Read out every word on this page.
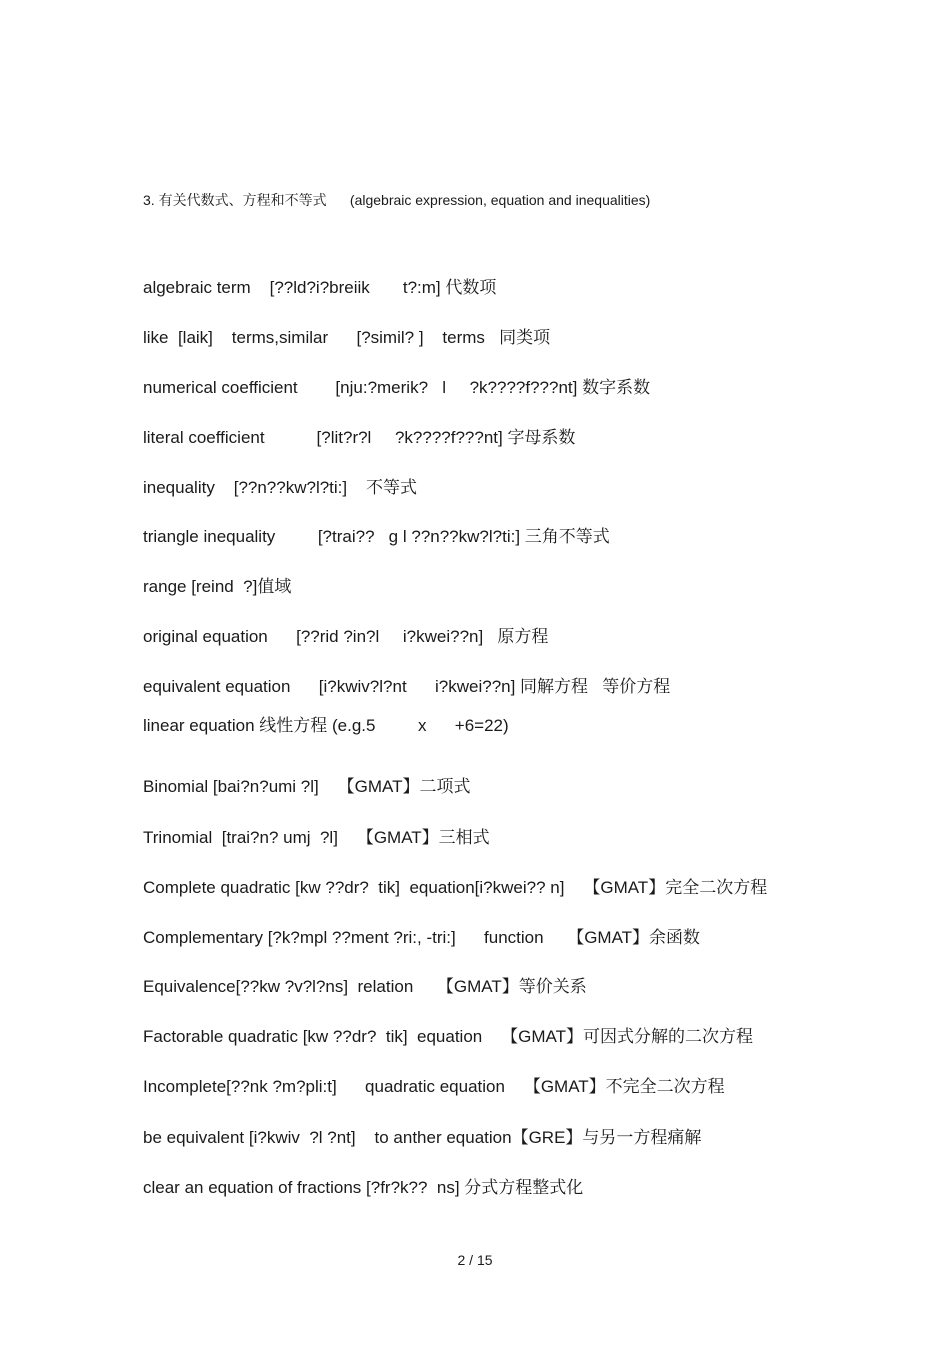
3. 有关代数式、方程和不等式      (algebraic expression, equation and inequalities)
algebraic term    [??ld?i?breiik       t?:m] 代数项
like  [laik]    terms,similar      [?simil? ]    terms   同类项
numerical coefficient        [nju:?merik?   l     ?k????f???nt] 数字系数
literal coefficient           [?lit?r?l     ?k????f???nt] 字母系数
inequality    [??n??kw?l?ti:]    不等式
triangle inequality         [?trai??   g l ??n??kw?l?ti:] 三角不等式
range [reind  ?]值域
original equation      [??rid ?in?l     i?kwei??n]   原方程
equivalent equation      [i?kwiv?l?nt      i?kwei??n] 同解方程   等价方程
linear equation 线性方程 (e.g.5         x      +6=22)
Binomial [bai?n?umi ?l]    【GMAT】二项式
Trinomial  [trai?n? umj  ?l]    【GMAT】三相式
Complete quadratic [kw ??dr?  tik]  equation[i?kwei?? n]    【GMAT】完全二次方程
Complementary [?k?mpl ??ment ?ri:, -tri:]      function     【GMAT】余函数
Equivalence[??kw ?v?l?ns]  relation     【GMAT】等价关系
Factorable quadratic [kw ??dr?  tik]  equation    【GMAT】可因式分解的二次方程
Incomplete[??nk ?m?pli:t]      quadratic equation    【GMAT】不完全二次方程
be equivalent [i?kwiv  ?l ?nt]    to anther equation【GRE】与另一方程痛解
clear an equation of fractions [?fr?k??  ns] 分式方程整式化
2 / 15
